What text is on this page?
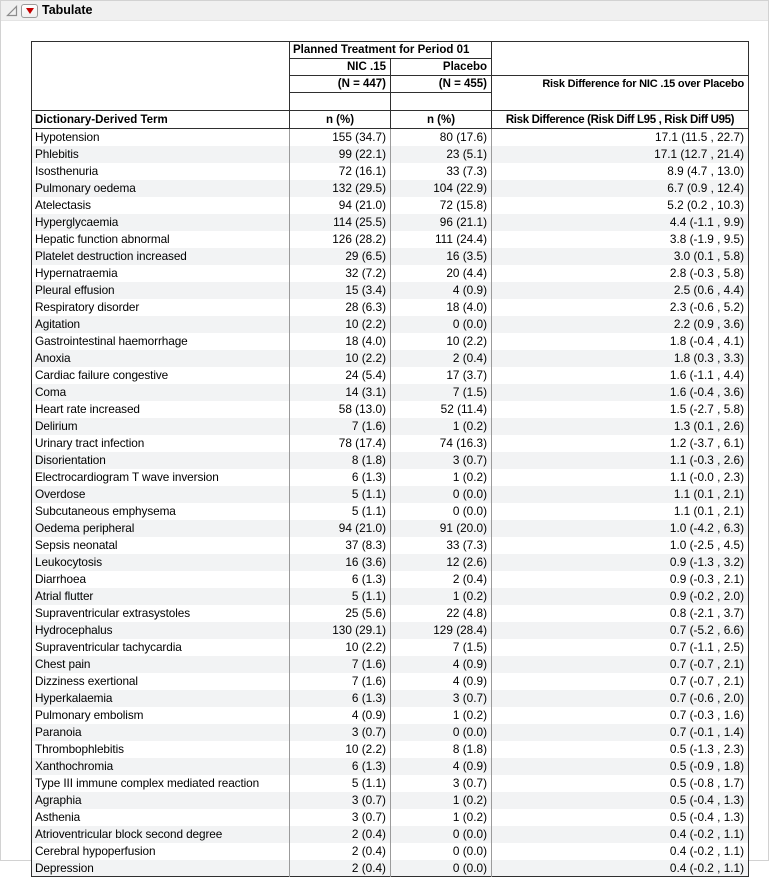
Tabulate
	Planned Treatment for Period 01		
	NIC .15	Placebo	
	(N = 447)	(N = 455)	Risk Difference for NIC .15 over Placebo

Dictionary-Derived Term	n (%)	n (%)	Risk Difference (Risk Diff L95 , Risk Diff U95)
Hypotension	155 (34.7)	80 (17.6)	17.1 (11.5 , 22.7)
Phlebitis	99 (22.1)	23 (5.1)	17.1 (12.7 , 21.4)
Isosthenuria	72 (16.1)	33 (7.3)	8.9 (4.7 , 13.0)
Pulmonary oedema	132 (29.5)	104 (22.9)	6.7 (0.9 , 12.4)
Atelectasis	94 (21.0)	72 (15.8)	5.2 (0.2 , 10.3)
Hyperglycaemia	114 (25.5)	96 (21.1)	4.4 (-1.1 , 9.9)
Hepatic function abnormal	126 (28.2)	111 (24.4)	3.8 (-1.9 , 9.5)
Platelet destruction increased	29 (6.5)	16 (3.5)	3.0 (0.1 , 5.8)
Hypernatraemia	32 (7.2)	20 (4.4)	2.8 (-0.3 , 5.8)
Pleural effusion	15 (3.4)	4 (0.9)	2.5 (0.6 , 4.4)
Respiratory disorder	28 (6.3)	18 (4.0)	2.3 (-0.6 , 5.2)
Agitation	10 (2.2)	0 (0.0)	2.2 (0.9 , 3.6)
Gastrointestinal haemorrhage	18 (4.0)	10 (2.2)	1.8 (-0.4 , 4.1)
Anoxia	10 (2.2)	2 (0.4)	1.8 (0.3 , 3.3)
Cardiac failure congestive	24 (5.4)	17 (3.7)	1.6 (-1.1 , 4.4)
Coma	14 (3.1)	7 (1.5)	1.6 (-0.4 , 3.6)
Heart rate increased	58 (13.0)	52 (11.4)	1.5 (-2.7 , 5.8)
Delirium	7 (1.6)	1 (0.2)	1.3 (0.1 , 2.6)
Urinary tract infection	78 (17.4)	74 (16.3)	1.2 (-3.7 , 6.1)
Disorientation	8 (1.8)	3 (0.7)	1.1 (-0.3 , 2.6)
Electrocardiogram T wave inversion	6 (1.3)	1 (0.2)	1.1 (-0.0 , 2.3)
Overdose	5 (1.1)	0 (0.0)	1.1 (0.1 , 2.1)
Subcutaneous emphysema	5 (1.1)	0 (0.0)	1.1 (0.1 , 2.1)
Oedema peripheral	94 (21.0)	91 (20.0)	1.0 (-4.2 , 6.3)
Sepsis neonatal	37 (8.3)	33 (7.3)	1.0 (-2.5 , 4.5)
Leukocytosis	16 (3.6)	12 (2.6)	0.9 (-1.3 , 3.2)
Diarrhoea	6 (1.3)	2 (0.4)	0.9 (-0.3 , 2.1)
Atrial flutter	5 (1.1)	1 (0.2)	0.9 (-0.2 , 2.0)
Supraventricular extrasystoles	25 (5.6)	22 (4.8)	0.8 (-2.1 , 3.7)
Hydrocephalus	130 (29.1)	129 (28.4)	0.7 (-5.2 , 6.6)
Supraventricular tachycardia	10 (2.2)	7 (1.5)	0.7 (-1.1 , 2.5)
Chest pain	7 (1.6)	4 (0.9)	0.7 (-0.7 , 2.1)
Dizziness exertional	7 (1.6)	4 (0.9)	0.7 (-0.7 , 2.1)
Hyperkalaemia	6 (1.3)	3 (0.7)	0.7 (-0.6 , 2.0)
Pulmonary embolism	4 (0.9)	1 (0.2)	0.7 (-0.3 , 1.6)
Paranoia	3 (0.7)	0 (0.0)	0.7 (-0.1 , 1.4)
Thrombophlebitis	10 (2.2)	8 (1.8)	0.5 (-1.3 , 2.3)
Xanthochromia	6 (1.3)	4 (0.9)	0.5 (-0.9 , 1.8)
Type III immune complex mediated reaction	5 (1.1)	3 (0.7)	0.5 (-0.8 , 1.7)
Agraphia	3 (0.7)	1 (0.2)	0.5 (-0.4 , 1.3)
Asthenia	3 (0.7)	1 (0.2)	0.5 (-0.4 , 1.3)
Atrioventricular block second degree	2 (0.4)	0 (0.0)	0.4 (-0.2 , 1.1)
Cerebral hypoperfusion	2 (0.4)	0 (0.0)	0.4 (-0.2 , 1.1)
Depression	2 (0.4)	0 (0.0)	0.4 (-0.2 , 1.1)
